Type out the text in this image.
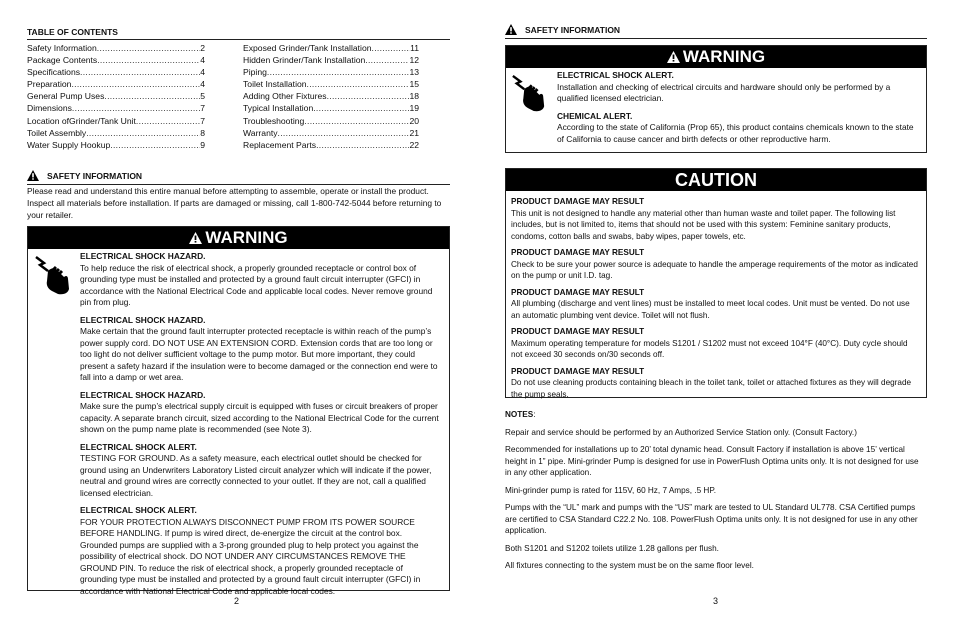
TABLE OF CONTENTS
Safety Information .....	2
Package Contents .....	4
Specifications .....	4
Preparation .....	4
General Pump Uses .....	5
Dimensions .....	7
Location ofGrinder/Tank Unit .....	7
Toilet Assembly .....	8
Water Supply Hookup .....	9
Exposed Grinder/Tank Installation .....	11
Hidden Grinder/Tank Installation .....	12
Piping .....	13
Toilet Installation .....	15
Adding Other Fixtures .....	18
Typical Installation .....	19
Troubleshooting .....	20
Warranty .....	21
Replacement Parts .....	22
SAFETY INFORMATION
Please read and understand this entire manual before attempting to assemble, operate or install the product. Inspect all materials before installation. If parts are damaged or missing, call 1-800-742-5044 before returning to your retailer.
WARNING
ELECTRICAL SHOCK HAZARD.
To help reduce the risk of electrical shock, a properly grounded receptacle or control box of grounding type must be installed and protected by a ground fault circuit interrupter (GFCI) in accordance with the National Electrical Code and applicable local codes. Never remove ground pin from plug.
ELECTRICAL SHOCK HAZARD.
Make certain that the ground fault interrupter protected receptacle is within reach of the pump’s power supply cord. DO NOT USE AN EXTENSION CORD. Extension cords that are too long or too light do not deliver sufficient voltage to the pump motor. But more important, they could present a safety hazard if the insulation were to become damaged or the connection end were to fall into a damp or wet area.
ELECTRICAL SHOCK HAZARD.
Make sure the pump’s electrical supply circuit is equipped with fuses or circuit breakers of proper capacity. A separate branch circuit, sized according to the National Electrical Code for the current shown on the pump name plate is recommended (see Note 3).
ELECTRICAL SHOCK ALERT.
TESTING FOR GROUND. As a safety measure, each electrical outlet should be checked for ground using an Underwriters Laboratory Listed circuit analyzer which will indicate if the power, neutral and ground wires are correctly connected to your outlet. If they are not, call a qualified licensed electrician.
ELECTRICAL SHOCK ALERT.
FOR YOUR PROTECTION ALWAYS DISCONNECT PUMP FROM ITS POWER SOURCE BEFORE HANDLING. If pump is wired direct, de-energize the circuit at the control box. Grounded pumps are supplied with a 3-prong grounded plug to help protect you against the possibility of electrical shock. DO NOT UNDER ANY CIRCUMSTANCES REMOVE THE GROUND PIN. To reduce the risk of electrical shock, a properly grounded receptacle of grounding type must be installed and protected by a ground fault circuit interrupter (GFCI) in accordance with National Electrical Code and applicable local codes.
2
SAFETY INFORMATION
WARNING
ELECTRICAL SHOCK ALERT.
Installation and checking of electrical circuits and hardware should only be performed by a qualified licensed electrician.
CHEMICAL ALERT.
According to the state of California (Prop 65), this product contains chemicals known to the state of California to cause cancer and birth defects or other reproductive harm.
CAUTION
PRODUCT DAMAGE MAY RESULT
This unit is not designed to handle any material other than human waste and toilet paper. The following list includes, but is not limited to, items that should not be used with this system: Feminine sanitary products, condoms, cotton balls and swabs, baby wipes, paper towels, etc.
PRODUCT DAMAGE MAY RESULT
Check to be sure your power source is adequate to handle the amperage requirements of the motor as indicated on the pump or unit I.D. tag.
PRODUCT DAMAGE MAY RESULT
All plumbing (discharge and vent lines) must be installed to meet local codes. Unit must be vented. Do not use an automatic plumbing vent device. Toilet will not flush.
PRODUCT DAMAGE MAY RESULT
Maximum operating temperature for models S1201 / S1202 must not exceed 104°F (40°C). Duty cycle should not exceed 30 seconds on/30 seconds off.
PRODUCT DAMAGE MAY RESULT
Do not use cleaning products containing bleach in the toilet tank, toilet or attached fixtures as they will degrade the pump seals.

NOTES:

Repair and service should be performed by an Authorized Service Station only. (Consult Factory.)

Recommended for installations up to 20’ total dynamic head. Consult Factory if installation is above 15’ vertical height in 1” pipe. Mini-grinder Pump is designed for use in PowerFlush Optima units only. It is not designed for use in any other application.

Mini-grinder pump is rated for 115V, 60 Hz, 7 Amps, .5 HP.

Pumps with the “UL” mark and pumps with the “US” mark are tested to UL Standard UL778. CSA Certified pumps are certified to CSA Standard C22.2 No. 108. PowerFlush Optima units only. It is not designed for use in any other application.

Both S1201 and S1202 toilets utilize 1.28 gallons per flush.

All fixtures connecting to the system must be on the same floor level.

3
